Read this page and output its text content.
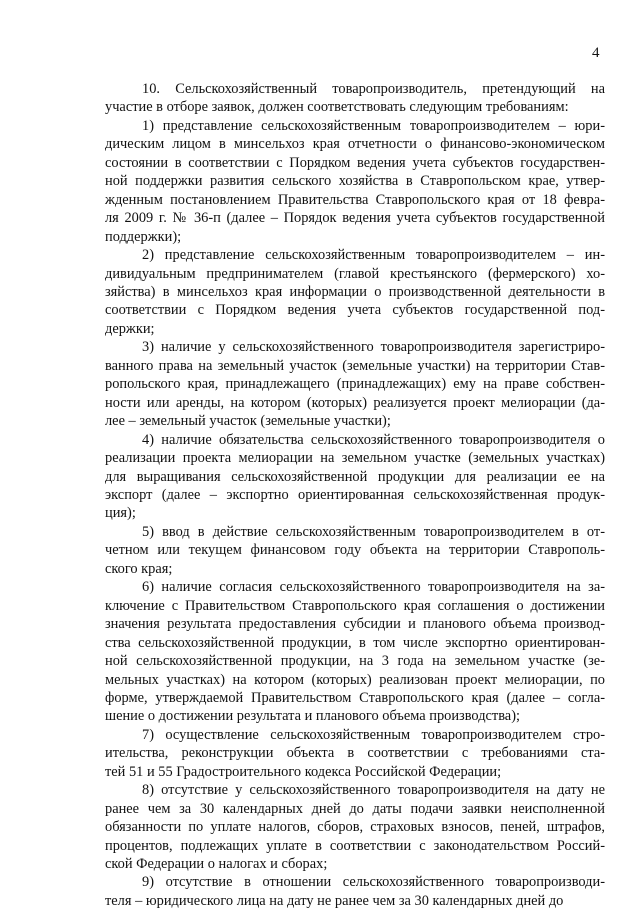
4

10. Сельскохозяйственный товаропроизводитель, претендующий на
участие в отборе заявок, должен соответствовать следующим требованиям:

1) представление сельскохозяйственным товаропроизводителем – юри-
дическим лицом в минсельхоз края отчетности о финансово-экономическом
состоянии в соответствии с Порядком ведения учета субъектов государствен-
ной поддержки развития сельского хозяйства в Ставропольском крае, утвер-
жденным постановлением Правительства Ставропольского края от 18 февра-
ля 2009 г. № 36-п (далее – Порядок ведения учета субъектов государственной
поддержки);

2) представление сельскохозяйственным товаропроизводителем – ин-
дивидуальным предпринимателем (главой крестьянского (фермерского) хо-
зяйства) в минсельхоз края информации о производственной деятельности в
соответствии с Порядком ведения учета субъектов государственной под-
держки;

3) наличие у сельскохозяйственного товаропроизводителя зарегистриро-
ванного права на земельный участок (земельные участки) на территории Став-
ропольского края, принадлежащего (принадлежащих) ему на праве собствен-
ности или аренды, на котором (которых) реализуется проект мелиорации (да-
лее – земельный участок (земельные участки);

4) наличие обязательства сельскохозяйственного товаропроизводителя о
реализации проекта мелиорации на земельном участке (земельных участках)
для выращивания сельскохозяйственной продукции для реализации ее на
экспорт (далее – экспортно ориентированная сельскохозяйственная продук-
ция);

5) ввод в действие сельскохозяйственным товаропроизводителем в от-
четном или текущем финансовом году объекта на территории Ставрополь-
ского края;

6) наличие согласия сельскохозяйственного товаропроизводителя на за-
ключение с Правительством Ставропольского края соглашения о достижении
значения результата предоставления субсидии и планового объема производ-
ства сельскохозяйственной продукции, в том числе экспортно ориентирован-
ной сельскохозяйственной продукции, на 3 года на земельном участке (зе-
мельных участках) на котором (которых) реализован проект мелиорации, по
форме, утверждаемой Правительством Ставропольского края (далее – согла-
шение о достижении результата и планового объема производства);

7) осуществление сельскохозяйственным товаропроизводителем стро-
ительства, реконструкции объекта в соответствии с требованиями ста-
тей 51 и 55 Градостроительного кодекса Российской Федерации;

8) отсутствие у сельскохозяйственного товаропроизводителя на дату не
ранее чем за 30 календарных дней до даты подачи заявки неисполненной
обязанности по уплате налогов, сборов, страховых взносов, пеней, штрафов,
процентов, подлежащих уплате в соответствии с законодательством Россий-
ской Федерации о налогах и сборах;

9) отсутствие в отношении сельскохозяйственного товаропроизводи-
теля – юридического лица на дату не ранее чем за 30 календарных дней до
